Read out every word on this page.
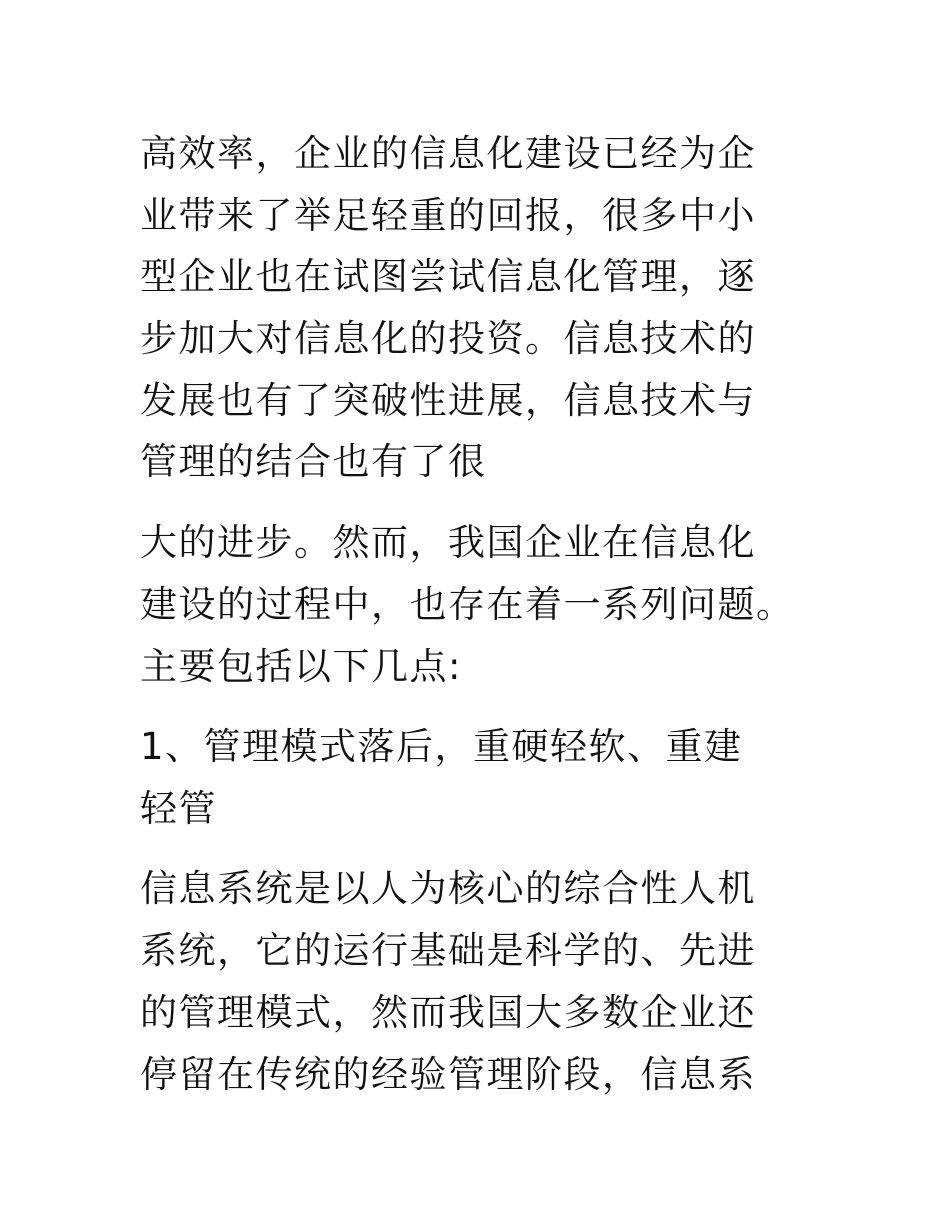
高效率，企业的信息化建设已经为企
业带来了举足轻重的回报，很多中小
型企业也在试图尝试信息化管理，逐
步加大对信息化的投资。信息技术的
发展也有了突破性进展，信息技术与
管理的结合也有了很
大的进步。然而，我国企业在信息化
建设的过程中，也存在着一系列问题。
主要包括以下几点:
1、管理模式落后，重硬轻软、重建
轻管
信息系统是以人为核心的综合性人机
系统，它的运行基础是科学的、先进
的管理模式，然而我国大多数企业还
停留在传统的经验管理阶段，信息系
